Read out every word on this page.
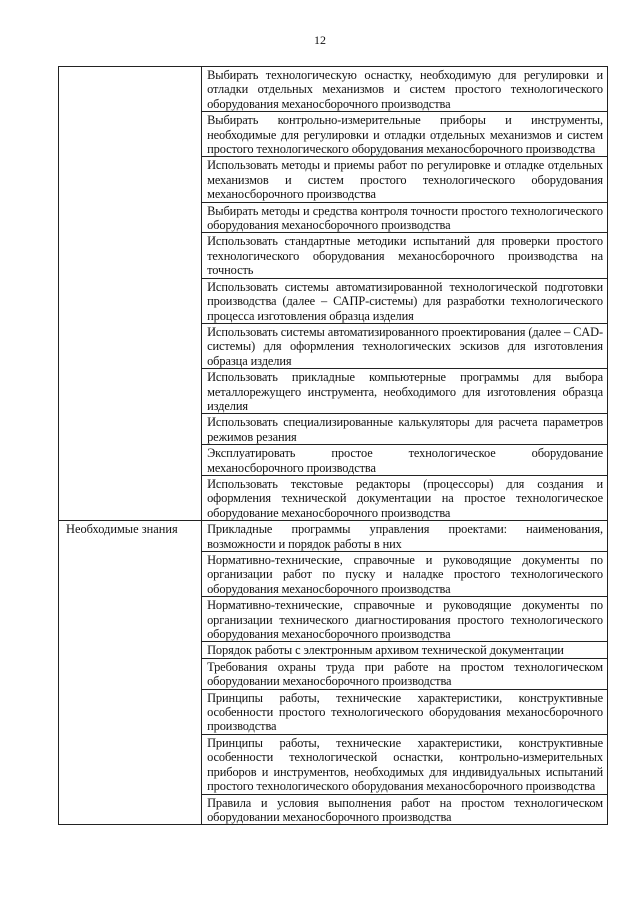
12
	Выбирать технологическую оснастку, необходимую для регулировки и отладки отдельных механизмов и систем простого технологического оборудования механосборочного производства
	Выбирать контрольно-измерительные приборы и инструменты, необходимые для регулировки и отладки отдельных механизмов и систем простого технологического оборудования механосборочного производства
	Использовать методы и приемы работ по регулировке и отладке отдельных механизмов и систем простого технологического оборудования механосборочного производства
	Выбирать методы и средства контроля точности простого технологического оборудования механосборочного производства
	Использовать стандартные методики испытаний для проверки простого технологического оборудования механосборочного производства на точность
	Использовать системы автоматизированной технологической подготовки производства (далее – САПР-системы) для разработки технологического процесса изготовления образца изделия
	Использовать системы автоматизированного проектирования (далее – CAD-системы) для оформления технологических эскизов для изготовления образца изделия
	Использовать прикладные компьютерные программы для выбора металлорежущего инструмента, необходимого для изготовления образца изделия
	Использовать специализированные калькуляторы для расчета параметров режимов резания
	Эксплуатировать простое технологическое оборудование механосборочного производства
	Использовать текстовые редакторы (процессоры) для создания и оформления технической документации на простое технологическое оборудование механосборочного производства
Необходимые знания	Прикладные программы управления проектами: наименования, возможности и порядок работы в них
	Нормативно-технические, справочные и руководящие документы по организации работ по пуску и наладке простого технологического оборудования механосборочного производства
	Нормативно-технические, справочные и руководящие документы по организации технического диагностирования простого технологического оборудования механосборочного производства
	Порядок работы с электронным архивом технической документации
	Требования охраны труда при работе на простом технологическом оборудовании механосборочного производства
	Принципы работы, технические характеристики, конструктивные особенности простого технологического оборудования механосборочного производства
	Принципы работы, технические характеристики, конструктивные особенности технологической оснастки, контрольно-измерительных приборов и инструментов, необходимых для индивидуальных испытаний простого технологического оборудования механосборочного производства
	Правила и условия выполнения работ на простом технологическом оборудовании механосборочного производства
